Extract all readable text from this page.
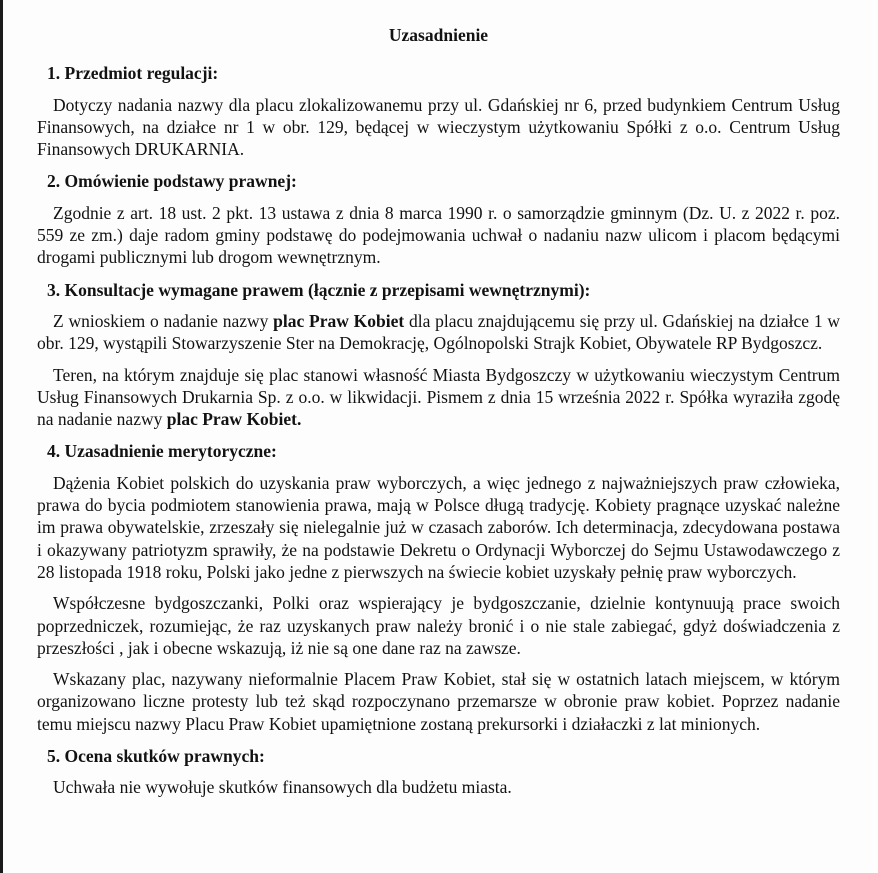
Uzasadnienie

1. Przedmiot regulacji:

Dotyczy nadania nazwy dla placu zlokalizowanemu przy ul. Gdańskiej nr 6, przed budynkiem Centrum Usług Finansowych, na działce nr 1 w obr. 129, będącej w wieczystym użytkowaniu Spółki z o.o. Centrum Usług Finansowych DRUKARNIA.

2. Omówienie podstawy prawnej:

Zgodnie z art. 18 ust. 2 pkt. 13 ustawa z dnia 8 marca 1990 r. o samorządzie gminnym (Dz. U. z 2022 r. poz. 559 ze zm.) daje radom gminy podstawę do podejmowania uchwał o nadaniu nazw ulicom i placom będącymi drogami publicznymi lub drogom wewnętrznym.

3. Konsultacje wymagane prawem (łącznie z przepisami wewnętrznymi):

Z wnioskiem o nadanie nazwy plac Praw Kobiet dla placu znajdującemu się przy ul. Gdańskiej na działce 1 w obr. 129, wystąpili Stowarzyszenie Ster na Demokrację, Ogólnopolski Strajk Kobiet, Obywatele RP Bydgoszcz.

Teren, na którym znajduje się plac stanowi własność Miasta Bydgoszczy w użytkowaniu wieczystym Centrum Usług Finansowych Drukarnia Sp. z o.o. w likwidacji. Pismem z dnia 15 września 2022 r. Spółka wyraziła zgodę na nadanie nazwy plac Praw Kobiet.

4. Uzasadnienie merytoryczne:

Dążenia Kobiet polskich do uzyskania praw wyborczych, a więc jednego z najważniejszych praw człowieka, prawa do bycia podmiotem stanowienia prawa, mają w Polsce długą tradycję. Kobiety pragnące uzyskać należne im prawa obywatelskie, zrzeszały się nielegalnie już w czasach zaborów. Ich determinacja, zdecydowana postawa i okazywany patriotyzm sprawiły, że na podstawie Dekretu o Ordynacji Wyborczej do Sejmu Ustawodawczego z 28 listopada 1918 roku, Polski jako jedne z pierwszych na świecie kobiet uzyskały pełnię praw wyborczych.

Współczesne bydgoszczanki, Polki oraz wspierający je bydgoszczanie, dzielnie kontynuują prace swoich poprzedniczek, rozumiejąc, że raz uzyskanych praw należy bronić i o nie stale zabiegać, gdyż doświadczenia z przeszłości , jak i obecne wskazują, iż nie są one dane raz na zawsze.

Wskazany plac, nazywany nieformalnie Placem Praw Kobiet, stał się w ostatnich latach miejscem, w którym organizowano liczne protesty lub też skąd rozpoczynano przemarsze w obronie praw kobiet. Poprzez nadanie temu miejscu nazwy Placu Praw Kobiet upamiętnione zostaną prekursorki i działaczki z lat minionych.

5. Ocena skutków prawnych:

Uchwała nie wywołuje skutków finansowych dla budżetu miasta.
